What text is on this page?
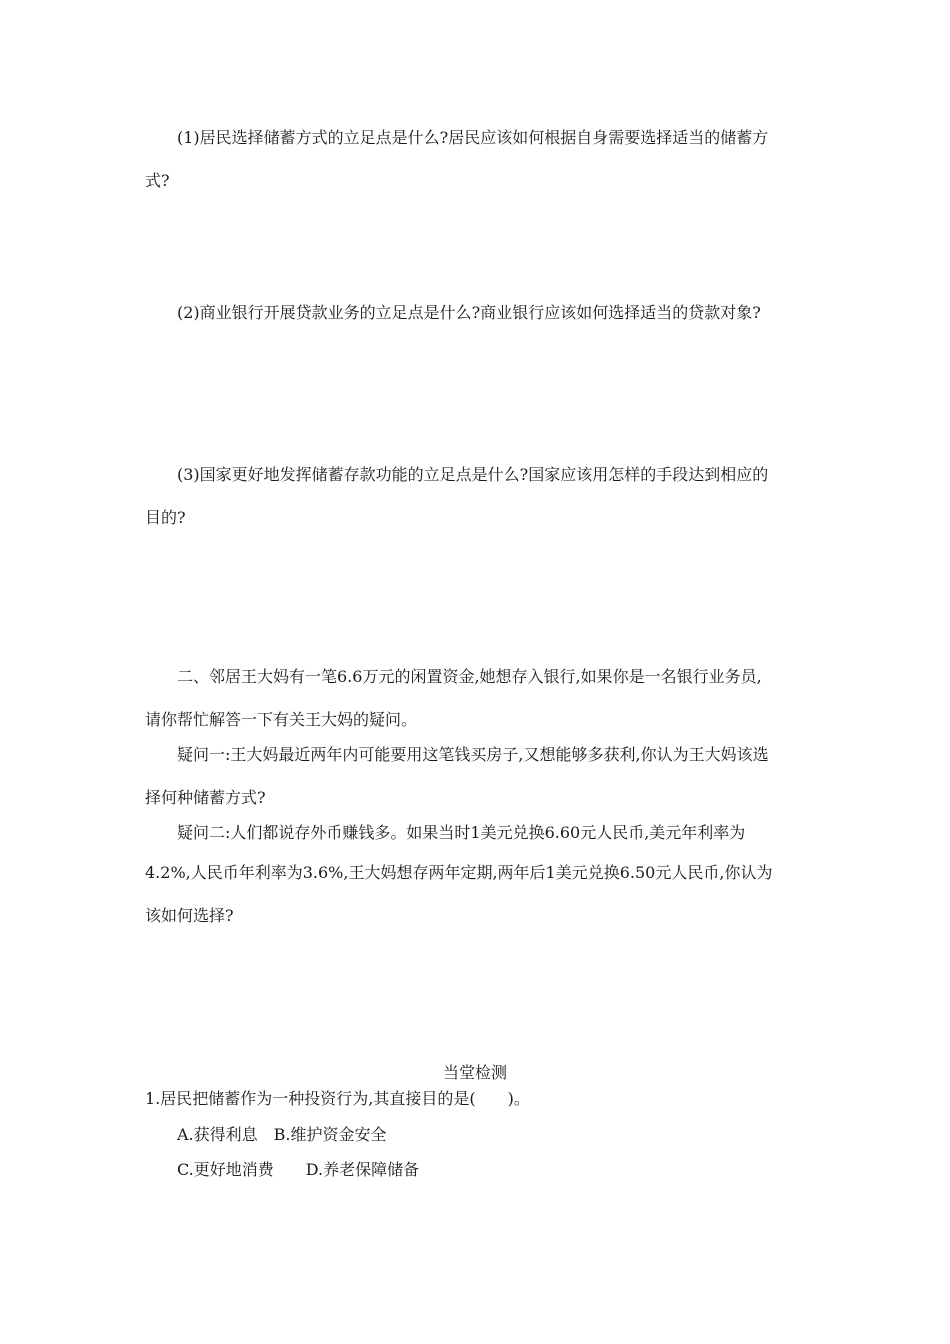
(1)居民选择储蓄方式的立足点是什么?居民应该如何根据自身需要选择适当的储蓄方
式?
(2)商业银行开展贷款业务的立足点是什么?商业银行应该如何选择适当的贷款对象?
(3)国家更好地发挥储蓄存款功能的立足点是什么?国家应该用怎样的手段达到相应的
目的?
二、邻居王大妈有一笔6.6万元的闲置资金,她想存入银行,如果你是一名银行业务员,
请你帮忙解答一下有关王大妈的疑问。
疑问一:王大妈最近两年内可能要用这笔钱买房子,又想能够多获利,你认为王大妈该选
择何种储蓄方式?
疑问二:人们都说存外币赚钱多。如果当时1美元兑换6.60元人民币,美元年利率为
4.2%,人民币年利率为3.6%,王大妈想存两年定期,两年后1美元兑换6.50元人民币,你认为
该如何选择?
当堂检测
1.居民把储蓄作为一种投资行为,其直接目的是(　　)。
A.获得利息　B.维护资金安全
C.更好地消费　　D.养老保障储备
